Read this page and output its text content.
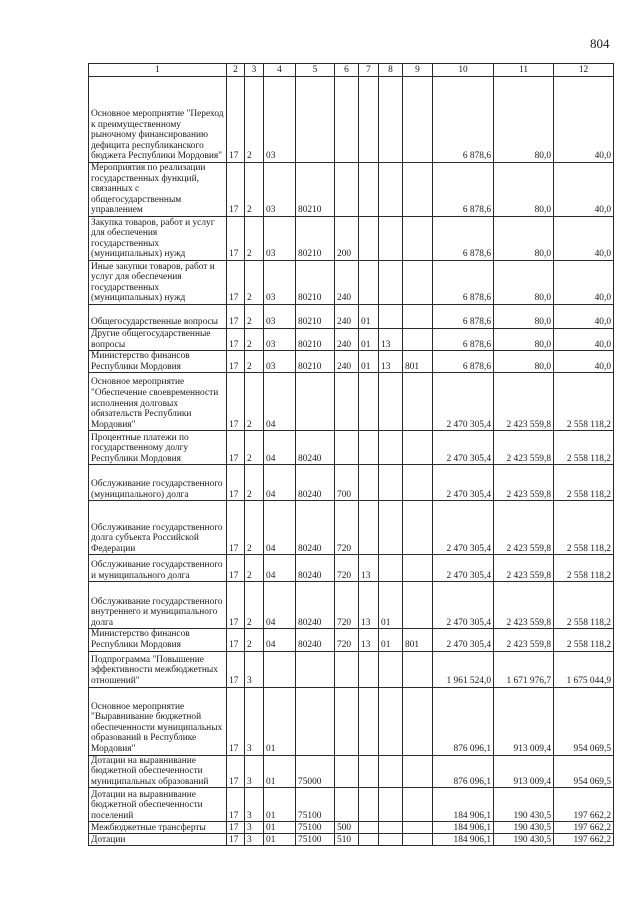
804
1	2	3	4	5	6	7	8	9	10	11	12
Основное мероприятие "Переход к преимущественному рыночному финансированию дефицита республиканского бюджета Республики Мордовия"	17	2	03						6 878,6	80,0	40,0
Мероприятия по реализации государственных функций, связанных с общегосударственным управлением	17	2	03	80210					6 878,6	80,0	40,0
Закупка товаров, работ и услуг для обеспечения государственных (муниципальных) нужд	17	2	03	80210	200				6 878,6	80,0	40,0
Иные закупки товаров, работ и услуг для обеспечения государственных (муниципальных) нужд	17	2	03	80210	240				6 878,6	80,0	40,0
Общегосударственные вопросы	17	2	03	80210	240	01			6 878,6	80,0	40,0
Другие общегосударственные вопросы	17	2	03	80210	240	01	13		6 878,6	80,0	40,0
Министерство финансов Республики Мордовия	17	2	03	80210	240	01	13	801	6 878,6	80,0	40,0
Основное мероприятие "Обеспечение своевременности исполнения долговых обязательств Республики Мордовия"	17	2	04						2 470 305,4	2 423 559,8	2 558 118,2
Процентные платежи по государственному долгу Республики Мордовия	17	2	04	80240					2 470 305,4	2 423 559,8	2 558 118,2
Обслуживание государственного (муниципального) долга	17	2	04	80240	700				2 470 305,4	2 423 559,8	2 558 118,2
Обслуживание государственного долга субъекта Российской Федерации	17	2	04	80240	720				2 470 305,4	2 423 559,8	2 558 118,2
Обслуживание государственного и муниципального долга	17	2	04	80240	720	13			2 470 305,4	2 423 559,8	2 558 118,2
Обслуживание государственного внутреннего и муниципального долга	17	2	04	80240	720	13	01		2 470 305,4	2 423 559,8	2 558 118,2
Министерство финансов Республики Мордовия	17	2	04	80240	720	13	01	801	2 470 305,4	2 423 559,8	2 558 118,2
Подпрограмма "Повышение эффективности межбюджетных отношений"	17	3							1 961 524,0	1 671 976,7	1 675 044,9
Основное мероприятие "Выравнивание бюджетной обеспеченности муниципальных образований в Республике Мордовия"	17	3	01						876 096,1	913 009,4	954 069,5
Дотации на выравнивание бюджетной обеспеченности муниципальных образований	17	3	01	75000					876 096,1	913 009,4	954 069,5
Дотации на выравнивание бюджетной обеспеченности поселений	17	3	01	75100					184 906,1	190 430,5	197 662,2
Межбюджетные трансферты	17	3	01	75100	500				184 906,1	190 430,5	197 662,2
Дотации	17	3	01	75100	510				184 906,1	190 430,5	197 662,2
